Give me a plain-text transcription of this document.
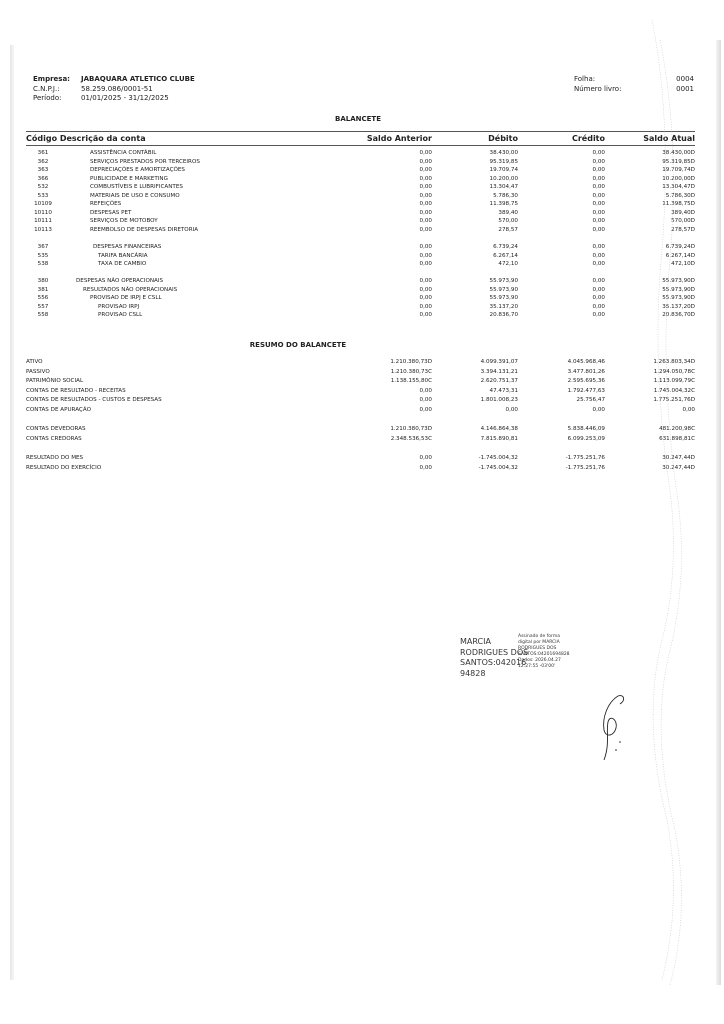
Empresa: JABAQUARA ATLETICO CLUBE
C.N.P.J.:	58.259.086/0001-51
Período:	01/01/2025 - 31/12/2025
Folha:	0004
Número livro:	0001
BALANCETE
Código Descrição da conta	Saldo Anterior	Débito	Crédito	Saldo Atual
361	ASSISTÊNCIA CONTÁBIL	0,00	38.430,00	0,00	38.430,00D
362	SERVIÇOS PRESTADOS POR TERCEIROS	0,00	95.319,85	0,00	95.319,85D
363	DEPRECIAÇÕES E AMORTIZAÇÕES	0,00	19.709,74	0,00	19.709,74D
366	PUBLICIDADE E MARKETING	0,00	10.200,00	0,00	10.200,00D
532	COMBUSTÍVEIS E LUBRIFICANTES	0,00	13.304,47	0,00	13.304,47D
533	MATERIAIS DE USO E CONSUMO	0,00	5.786,30	0,00	5.786,30D
10109	REFEIÇÕES	0,00	11.398,75	0,00	11.398,75D
10110	DESPESAS PET	0,00	389,40	0,00	389,40D
10111	SERVIÇOS DE MOTOBOY	0,00	570,00	0,00	570,00D
10113	REEMBOLSO DE DESPESAS DIRETORIA	0,00	278,57	0,00	278,57D
367	DESPESAS FINANCEIRAS	0,00	6.739,24	0,00	6.739,24D
535	TARIFA BANCÁRIA	0,00	6.267,14	0,00	6.267,14D
538	TAXA DE CAMBIO	0,00	472,10	0,00	472,10D
380	DESPESAS NÃO OPERACIONAIS	0,00	55.973,90	0,00	55.973,90D
381	RESULTADOS NÃO OPERACIONAIS	0,00	55.973,90	0,00	55.973,90D
556	PROVISAO DE IRPJ E CSLL	0,00	55.973,90	0,00	55.973,90D
557	PROVISAO IRPJ	0,00	35.137,20	0,00	35.137,20D
558	PROVISAO CSLL	0,00	20.836,70	0,00	20.836,70D
RESUMO DO BALANCETE
ATIVO	1.210.380,73D	4.099.391,07	4.045.968,46	1.263.803,34D
PASSIVO	1.210.380,73C	3.394.131,21	3.477.801,26	1.294.050,78C
PATRIMÔNIO SOCIAL	1.138.155,80C	2.620.751,37	2.595.695,36	1.113.099,79C
CONTAS DE RESULTADO - RECEITAS	0,00	47.473,31	1.792.477,63	1.745.004,32C
CONTAS DE RESULTADOS - CUSTOS E DESPESAS	0,00	1.801.008,23	25.756,47	1.775.251,76D
CONTAS DE APURAÇÃO	0,00	0,00	0,00	0,00
CONTAS DEVEDORAS	1.210.380,73D	4.146.864,38	5.838.446,09	481.200,98C
CONTAS CREDORAS	2.348.536,53C	7.815.890,81	6.099.253,09	631.898,81C
RESULTADO DO MES	0,00	-1.745.004,32	-1.775.251,76	30.247,44D
RESULTADO DO EXERCÍCIO	0,00	-1.745.004,32	-1.775.251,76	30.247,44D
MARCIA
RODRIGUES DOS
SANTOS:042016
94828
Assinado de forma
digital por MARCIA
RODRIGUES DOS
SANTOS:04201694828
Dados: 2026.04.27
12:27:55 -03'00'
